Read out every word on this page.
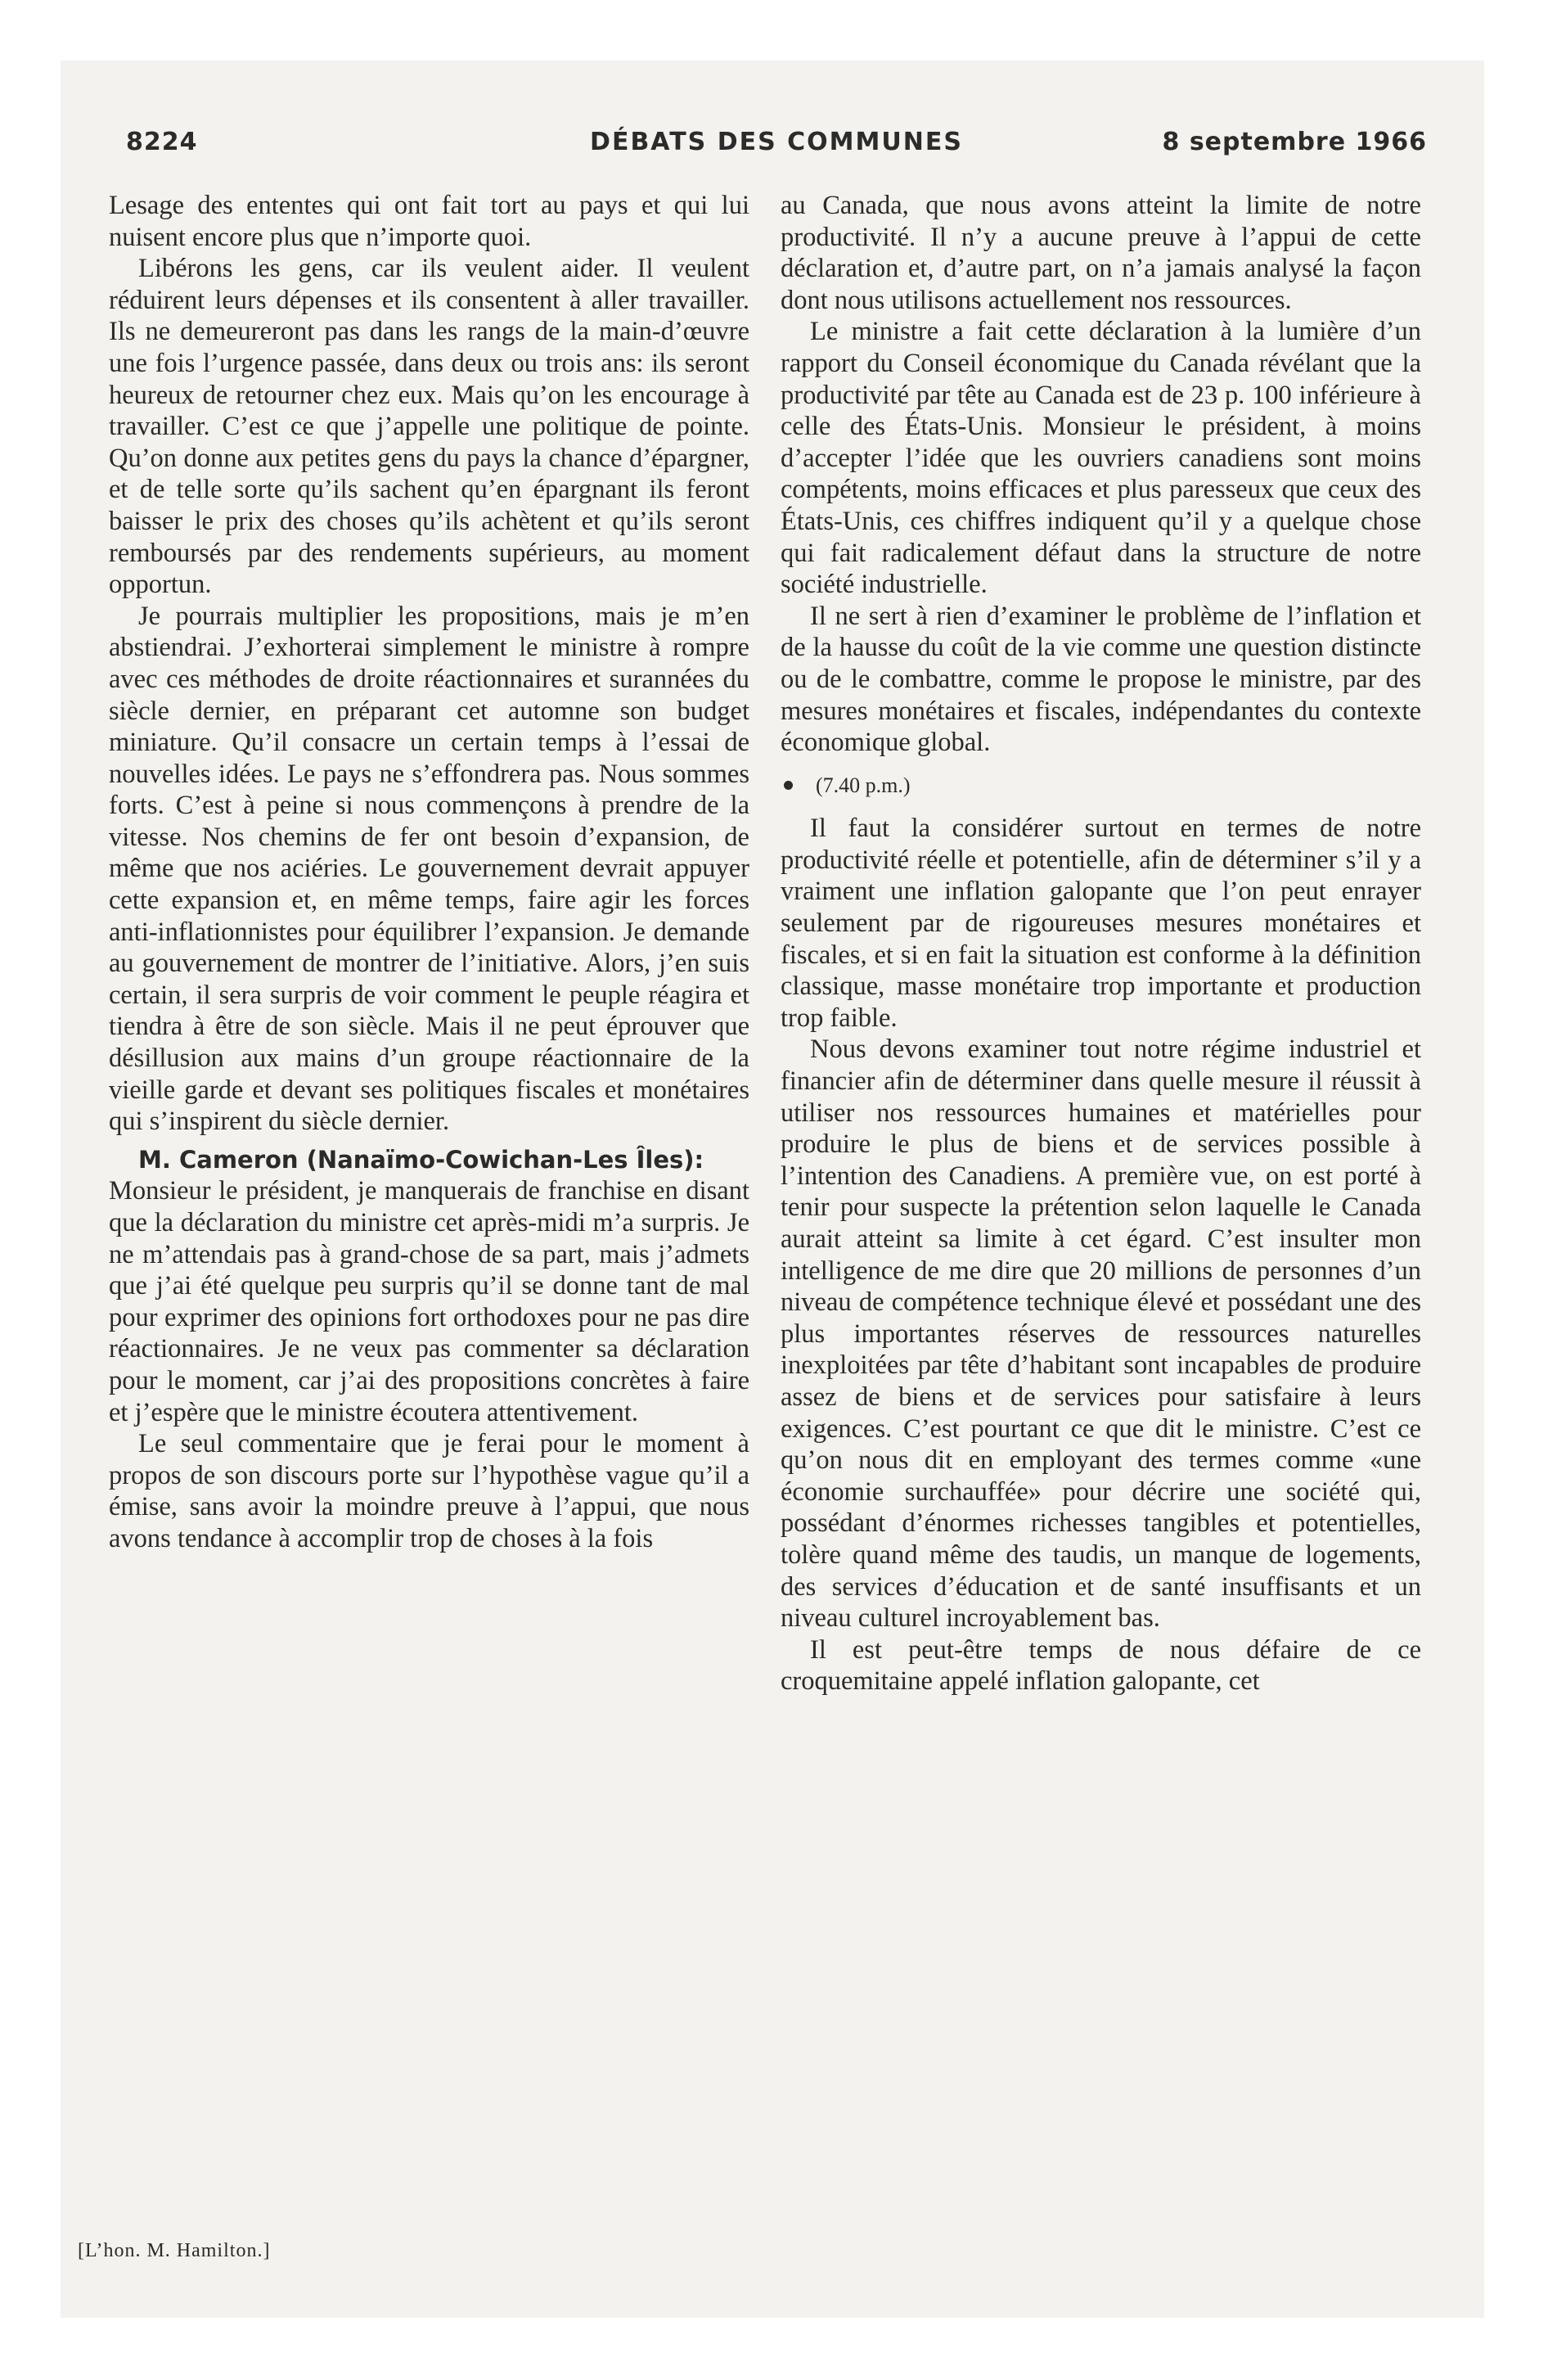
8224	DÉBATS DES COMMUNES	8 septembre 1966

Lesage des ententes qui ont fait tort au pays et qui lui nuisent encore plus que n’importe quoi.

Libérons les gens, car ils veulent aider. Il veulent réduirent leurs dépenses et ils consentent à aller travailler. Ils ne demeureront pas dans les rangs de la main-d’œuvre une fois l’urgence passée, dans deux ou trois ans: ils seront heureux de retourner chez eux. Mais qu’on les encourage à travailler. C’est ce que j’appelle une politique de pointe. Qu’on donne aux petites gens du pays la chance d’épargner, et de telle sorte qu’ils sachent qu’en épargnant ils feront baisser le prix des choses qu’ils achètent et qu’ils seront remboursés par des rendements supérieurs, au moment opportun.

Je pourrais multiplier les propositions, mais je m’en abstiendrai. J’exhorterai simplement le ministre à rompre avec ces méthodes de droite réactionnaires et surannées du siècle dernier, en préparant cet automne son budget miniature. Qu’il consacre un certain temps à l’essai de nouvelles idées. Le pays ne s’effondrera pas. Nous sommes forts. C’est à peine si nous commençons à prendre de la vitesse. Nos chemins de fer ont besoin d’expansion, de même que nos aciéries. Le gouvernement devrait appuyer cette expansion et, en même temps, faire agir les forces anti-inflationnistes pour équilibrer l’expansion. Je demande au gouvernement de montrer de l’initiative. Alors, j’en suis certain, il sera surpris de voir comment le peuple réagira et tiendra à être de son siècle. Mais il ne peut éprouver que désillusion aux mains d’un groupe réactionnaire de la vieille garde et devant ses politiques fiscales et monétaires qui s’inspirent du siècle dernier.

M. Cameron (Nanaïmo-Cowichan-Les Îles):

Monsieur le président, je manquerais de franchise en disant que la déclaration du ministre cet après-midi m’a surpris. Je ne m’attendais pas à grand-chose de sa part, mais j’admets que j’ai été quelque peu surpris qu’il se donne tant de mal pour exprimer des opinions fort orthodoxes pour ne pas dire réactionnaires. Je ne veux pas commenter sa déclaration pour le moment, car j’ai des propositions concrètes à faire et j’espère que le ministre écoutera attentivement.

Le seul commentaire que je ferai pour le moment à propos de son discours porte sur l’hypothèse vague qu’il a émise, sans avoir la moindre preuve à l’appui, que nous avons tendance à accomplir trop de choses à la fois

au Canada, que nous avons atteint la limite de notre productivité. Il n’y a aucune preuve à l’appui de cette déclaration et, d’autre part, on n’a jamais analysé la façon dont nous utilisons actuellement nos ressources.

Le ministre a fait cette déclaration à la lumière d’un rapport du Conseil économique du Canada révélant que la productivité par tête au Canada est de 23 p. 100 inférieure à celle des États-Unis. Monsieur le président, à moins d’accepter l’idée que les ouvriers canadiens sont moins compétents, moins efficaces et plus paresseux que ceux des États-Unis, ces chiffres indiquent qu’il y a quelque chose qui fait radicalement défaut dans la structure de notre société industrielle.

Il ne sert à rien d’examiner le problème de l’inflation et de la hausse du coût de la vie comme une question distincte ou de le combattre, comme le propose le ministre, par des mesures monétaires et fiscales, indépendantes du contexte économique global.

(7.40 p.m.)

Il faut la considérer surtout en termes de notre productivité réelle et potentielle, afin de déterminer s’il y a vraiment une inflation galopante que l’on peut enrayer seulement par de rigoureuses mesures monétaires et fiscales, et si en fait la situation est conforme à la définition classique, masse monétaire trop importante et production trop faible.

Nous devons examiner tout notre régime industriel et financier afin de déterminer dans quelle mesure il réussit à utiliser nos ressources humaines et matérielles pour produire le plus de biens et de services possible à l’intention des Canadiens. A première vue, on est porté à tenir pour suspecte la prétention selon laquelle le Canada aurait atteint sa limite à cet égard. C’est insulter mon intelligence de me dire que 20 millions de personnes d’un niveau de compétence technique élevé et possédant une des plus importantes réserves de ressources naturelles inexploitées par tête d’habitant sont incapables de produire assez de biens et de services pour satisfaire à leurs exigences. C’est pourtant ce que dit le ministre. C’est ce qu’on nous dit en employant des termes comme «une économie surchauffée» pour décrire une société qui, possédant d’énormes richesses tangibles et potentielles, tolère quand même des taudis, un manque de logements, des services d’éducation et de santé insuffisants et un niveau culturel incroyablement bas.

Il est peut-être temps de nous défaire de ce croquemitaine appelé inflation galopante, cet

[L’hon. M. Hamilton.]
